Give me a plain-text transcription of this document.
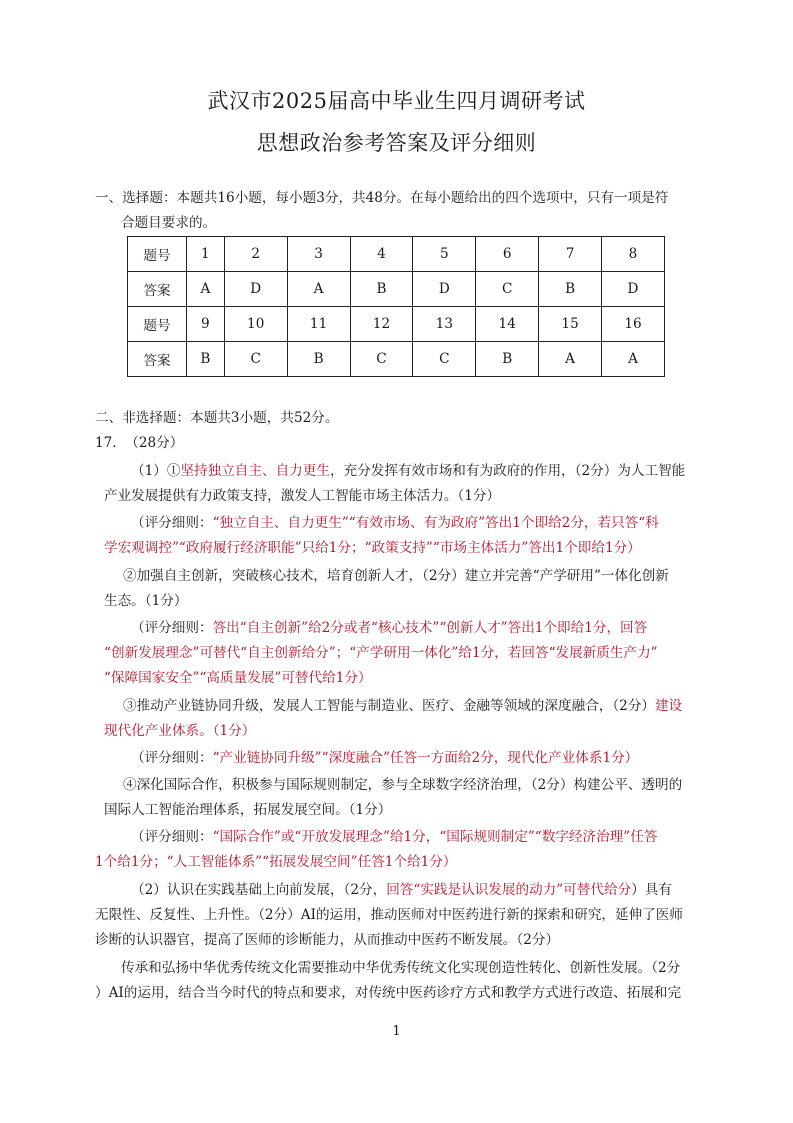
武汉市2025届高中毕业生四月调研考试
思想政治参考答案及评分细则

一、选择题：本题共16小题，每小题3分，共48分。在每小题给出的四个选项中，只有一项是符

合题目要求的。

题号	1	2	3	4	5	6	7	8
答案	A	D	A	B	D	C	B	D
题号	9	10	11	12	13	14	15	16
答案	B	C	B	C	C	B	A	A

二、非选择题：本题共3小题，共52分。

17.  （28分）

（1）①坚持独立自主、自力更生，充分发挥有效市场和有为政府的作用，（2分）为人工智能

产业发展提供有力政策支持，激发人工智能市场主体活力。（1分）

（评分细则：“独立自主、自力更生”“有效市场、有为政府”答出1个即给2分，若只答“科

学宏观调控”“政府履行经济职能”只给1分；“政策支持”“市场主体活力”答出1个即给1分）

②加强自主创新，突破核心技术，培育创新人才，（2分）建立并完善“产学研用”一体化创新

生态。（1分）

（评分细则：答出“自主创新”给2分或者“核心技术”“创新人才”答出1个即给1分，回答

“创新发展理念”可替代“自主创新给分”；“产学研用一体化”给1分，若回答“发展新质生产力”

“保障国家安全”“高质量发展”可替代给1分）

③推动产业链协同升级，发展人工智能与制造业、医疗、金融等领域的深度融合，（2分）建设

现代化产业体系。（1分）

（评分细则：“产业链协同升级”“深度融合”任答一方面给2分，现代化产业体系1分）

④深化国际合作，积极参与国际规则制定，参与全球数字经济治理，（2分）构建公平、透明的

国际人工智能治理体系，拓展发展空间。（1分）

（评分细则：“国际合作”或“开放发展理念”给1分，“国际规则制定”“数字经济治理”任答

1个给1分；“人工智能体系”“拓展发展空间”任答1个给1分）

（2）认识在实践基础上向前发展，（2分，回答“实践是认识发展的动力”可替代给分）具有

无限性、反复性、上升性。（2分）AI的运用，推动医师对中医药进行新的探索和研究，延伸了医师

诊断的认识器官，提高了医师的诊断能力，从而推动中医药不断发展。（2分）

传承和弘扬中华优秀传统文化需要推动中华优秀传统文化实现创造性转化、创新性发展。（2分

）AI的运用，结合当今时代的特点和要求，对传统中医药诊疗方式和教学方式进行改造、拓展和完

1
